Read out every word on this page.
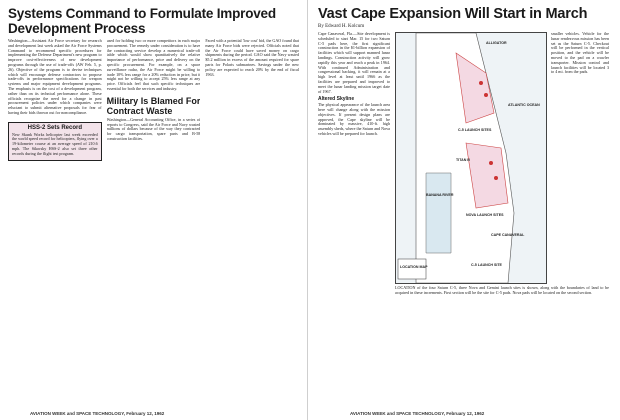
Systems Command to Formulate Improved Development Process

Washington—Assistant Air Force secretary for research and development last week asked the Air Force Systems Command to recommend specific procedures for implementing the Defense Department's new program to improve cost-effectiveness of new development programs through the use of trade-offs (AW Feb. 5, p. 26). Objective of the program is to devise techniques which will encourage defense contractors to propose trade-offs in performance specifications for weapon systems and major equipment development programs. The emphasis is on the cost of a development program, rather than on its technical performance alone. These officials recognize the need for a change in past procurement policies under which companies were reluctant to submit alternative proposals for fear of having their bids thrown out for noncompliance.

HSS-2 Sets Record

New Skunk Works helicopter last week exceeded the world speed record for helicopters, flying over a 19-kilometer course at an average speed of 210.6 mph. The Sikorsky HSS-2 also set three other records during the flight test program.

used for holding two or more competitors in each major procurement. The remedy under consideration is to have the contracting service develop a numerical trade-off table which would show quantitatively the relative importance of performance, price and delivery on the specific procurement. For example, on a space surveillance radar, the Air Force might be willing to trade 10% less range for a 20% reduction in price, but it might not be willing to accept 25% less range at any price. Officials feel that such specific techniques are essential for both the services and industry.

Military Is Blamed For Contract Waste

Washington—General Accounting Office, in a series of reports to Congress, said the Air Force and Navy wasted millions of dollars because of the way they contracted for cargo transportation, spare parts and B-58 construction facilities.

Faced with a potential 'low cost' bid, the GAO found that many Air Force bids were rejected. Officials noted that the Air Force could have saved money on cargo shipments during the period. GAO said the Navy wasted $5.2 million in excess of the amount required for spare parts for Polaris submarines. Savings under the new policy are expected to reach 20% by the end of fiscal 1963.

AVIATION WEEK and SPACE TECHNOLOGY, February 12, 1962
Vast Cape Expansion Will Start in March
By Edward H. Kolcum

Cape Canaveral, Fla.—Site development is scheduled to start Mar. 15 for two Saturn C-5 pads here, the first significant construction in the $1-billion expansion of facilities which will support manned lunar landings. Construction activity will grow rapidly this year and reach a peak in 1964. With continued Administration and congressional backing, it will remain at a high level at least until 1966 as the facilities are prepared and improved to meet the lunar landing mission target date of 1967.

Altered Skyline

The physical appearance of the launch area here will change along with the mission objectives. If present design plans are approved, the Cape skyline will be dominated by massive, 410-ft. high assembly sheds, where the Saturn and Nova vehicles will be prepared for launch.

ALLIGATOR
ATLANTIC OCEAN
C-5 LAUNCH SITES
NOVA LAUNCH SITES
CAPE CANAVERAL
TITAN III
BANANA RIVER
C-5 LAUNCH SITE
LOCATION MAP

smaller vehicles. Vehicle for the lunar rendezvous mission has been set as the Saturn C-5. Checkout will be performed in the vertical position, and the vehicle will be moved to the pad on a crawler transporter. Mission control and launch facilities will be located 3 to 4 mi. from the pads.

LOCATION of the four Saturn C-5, three Nova and Gemini launch sites is shown, along with the boundaries of land to be acquired in these increments. First section will be the site for C-5 pads. Nova pads will be located on the second section.

AVIATION WEEK and SPACE TECHNOLOGY, February 12, 1962
